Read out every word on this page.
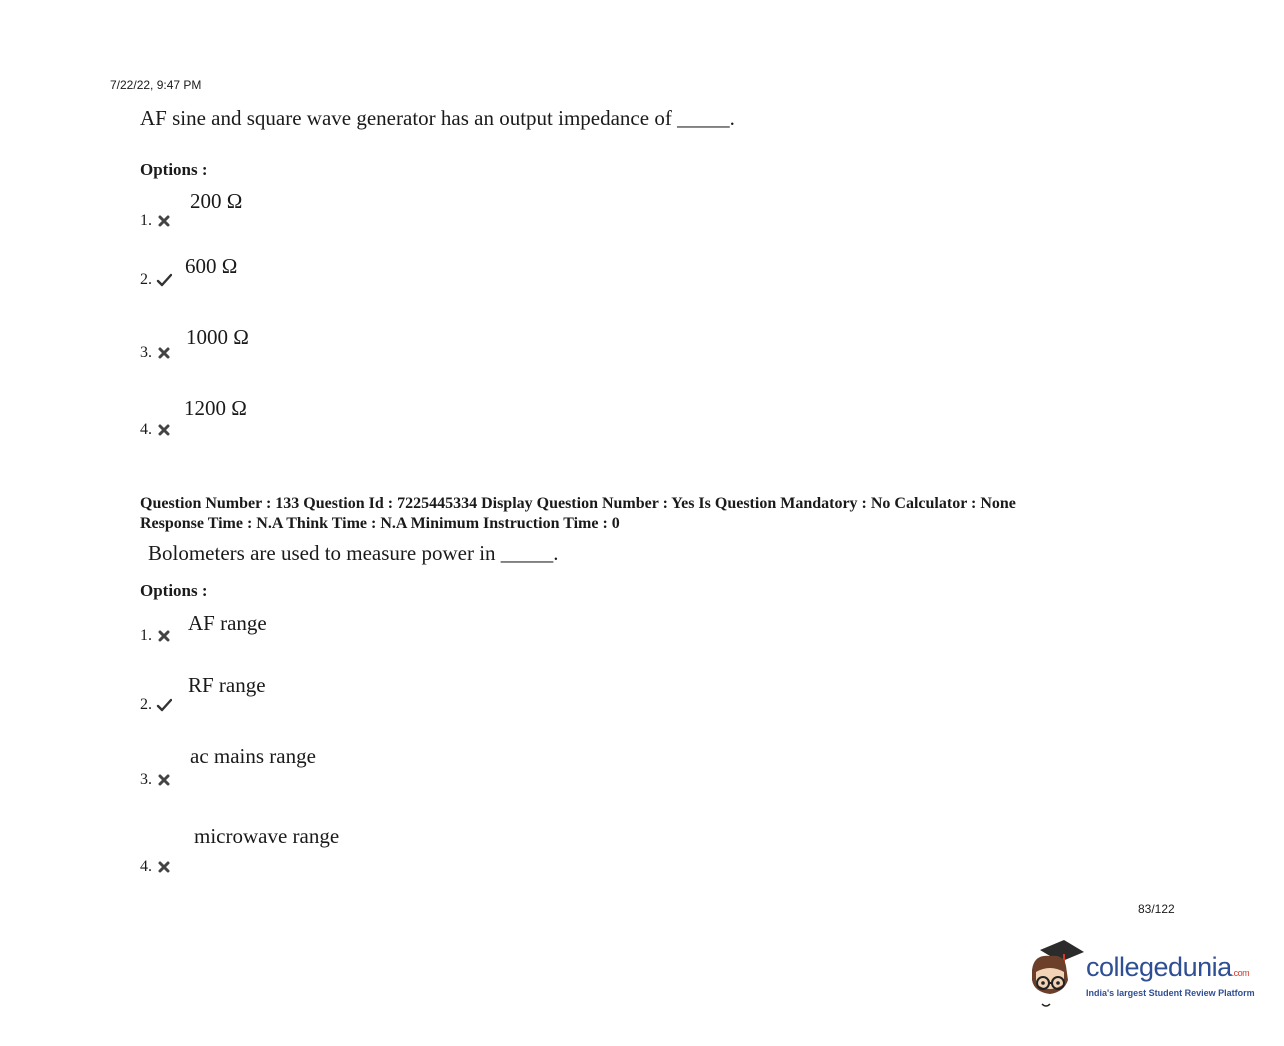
7/22/22, 9:47 PM
AF sine and square wave generator has an output impedance of _____.
Options :
1.
200 Ω
2.
600 Ω
3.
1000 Ω
4.
1200 Ω
Question Number : 133 Question Id : 7225445334 Display Question Number : Yes Is Question Mandatory : No Calculator : None
Response Time : N.A Think Time : N.A Minimum Instruction Time : 0
Bolometers are used to measure power in _____.
Options :
1.
AF range
2.
RF range
3.
ac mains range
4.
microwave range
83/122
collegedunia.com
India's largest Student Review Platform
